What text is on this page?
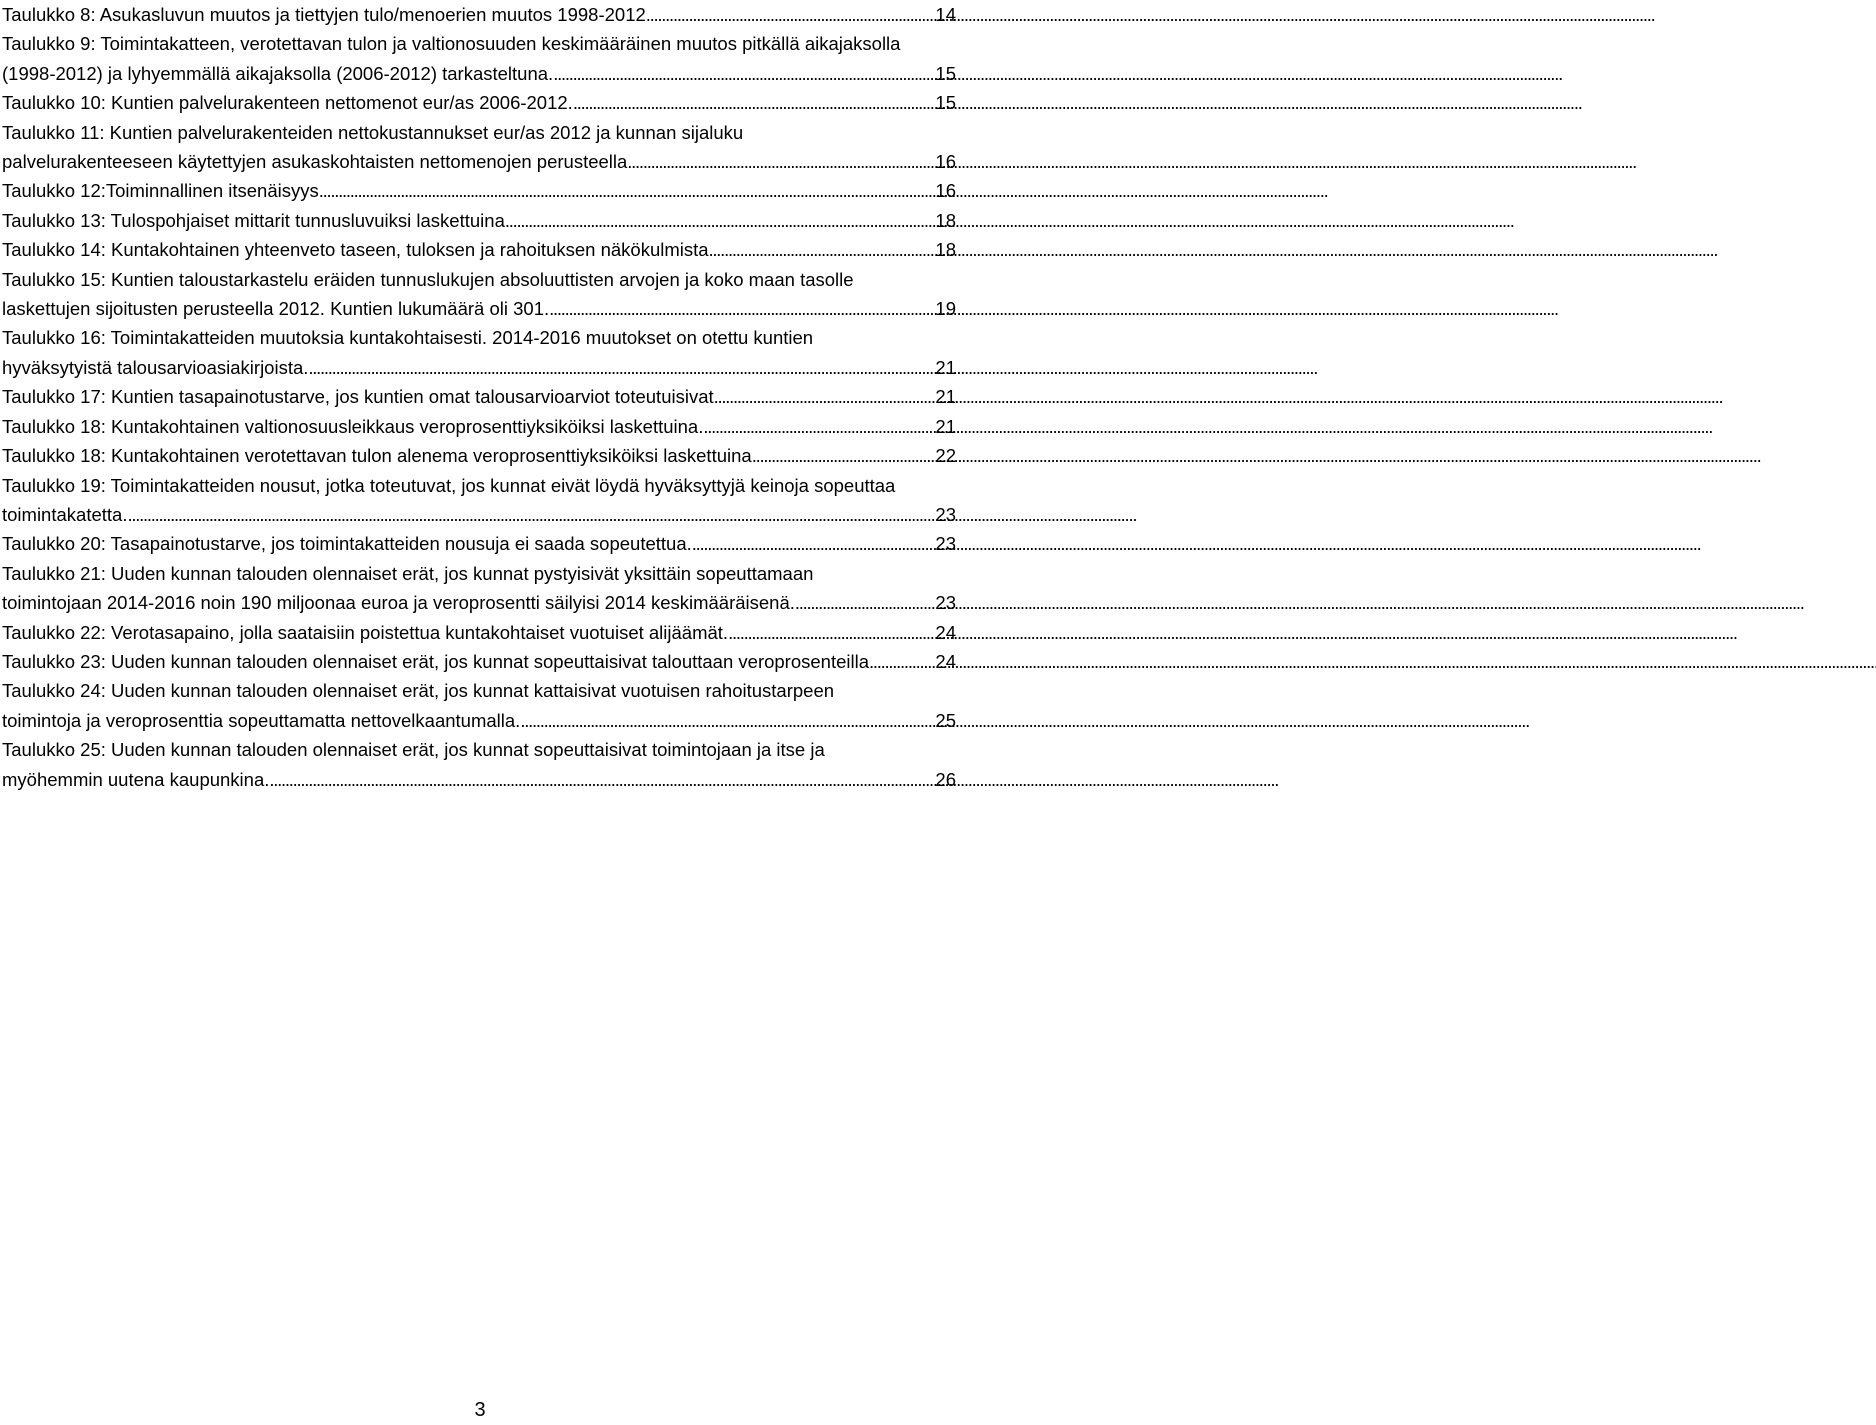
Taulukko 8: Asukasluvun muutos ja tiettyjen tulo/menoerien muutos 1998-2012 . . .	14
Taulukko 9: Toimintakatteen, verotettavan tulon ja valtionosuuden keskimääräinen muutos pitkällä aikajaksolla
(1998-2012) ja lyhyemmällä aikajaksolla (2006-2012) tarkasteltuna. . . .	15
Taulukko 10: Kuntien palvelurakenteen nettomenot eur/as 2006-2012. . . .	15
Taulukko 11: Kuntien palvelurakenteiden nettokustannukset eur/as 2012 ja kunnan sijaluku
palvelurakenteeseen käytettyjen asukaskohtaisten nettomenojen perusteella . . .	16
Taulukko 12:Toiminnallinen itsenäisyys . . .	16
Taulukko 13: Tulospohjaiset mittarit tunnusluvuiksi laskettuina . . .	18
Taulukko 14: Kuntakohtainen yhteenveto taseen, tuloksen ja rahoituksen näkökulmista . . .	18
Taulukko 15: Kuntien taloustarkastelu eräiden tunnuslukujen absoluuttisten arvojen ja koko maan tasolle
laskettujen sijoitusten perusteella 2012. Kuntien lukumäärä oli 301. . . .	19
Taulukko 16: Toimintakatteiden muutoksia kuntakohtaisesti. 2014-2016 muutokset on otettu kuntien
hyväksytyistä talousarvioasiakirjoista. . . .	21
Taulukko 17: Kuntien tasapainotustarve, jos kuntien omat talousarvioarviot toteutuisivat . . .	21
Taulukko 18: Kuntakohtainen valtionosuusleikkaus veroprosenttiyksiköiksi laskettuina. . . .	21
Taulukko 18: Kuntakohtainen verotettavan tulon alenema veroprosenttiyksiköiksi laskettuina . . .	22
Taulukko 19: Toimintakatteiden nousut, jotka toteutuvat, jos kunnat eivät löydä hyväksyttyjä keinoja sopeuttaa
toimintakatetta. . . .	23
Taulukko 20: Tasapainotustarve, jos toimintakatteiden nousuja ei saada sopeutettua. . . .	23
Taulukko 21: Uuden kunnan talouden olennaiset erät, jos kunnat pystyisivät yksittäin sopeuttamaan
toimintojaan 2014-2016 noin 190 miljoonaa euroa ja veroprosentti säilyisi 2014 keskimääräisenä. . . .	23
Taulukko 22: Verotasapaino, jolla saataisiin poistettua kuntakohtaiset vuotuiset alijäämät. . . .	24
Taulukko 23: Uuden kunnan talouden olennaiset erät, jos kunnat sopeuttaisivat talouttaan veroprosenteilla . . .	24
Taulukko 24: Uuden kunnan talouden olennaiset erät, jos kunnat kattaisivat vuotuisen rahoitustarpeen
toimintoja ja veroprosenttia sopeuttamatta nettovelkaantumalla. . . .	25
Taulukko 25: Uuden kunnan talouden olennaiset erät, jos kunnat sopeuttaisivat toimintojaan ja itse ja
myöhemmin uutena kaupunkina. . . .	26
3
